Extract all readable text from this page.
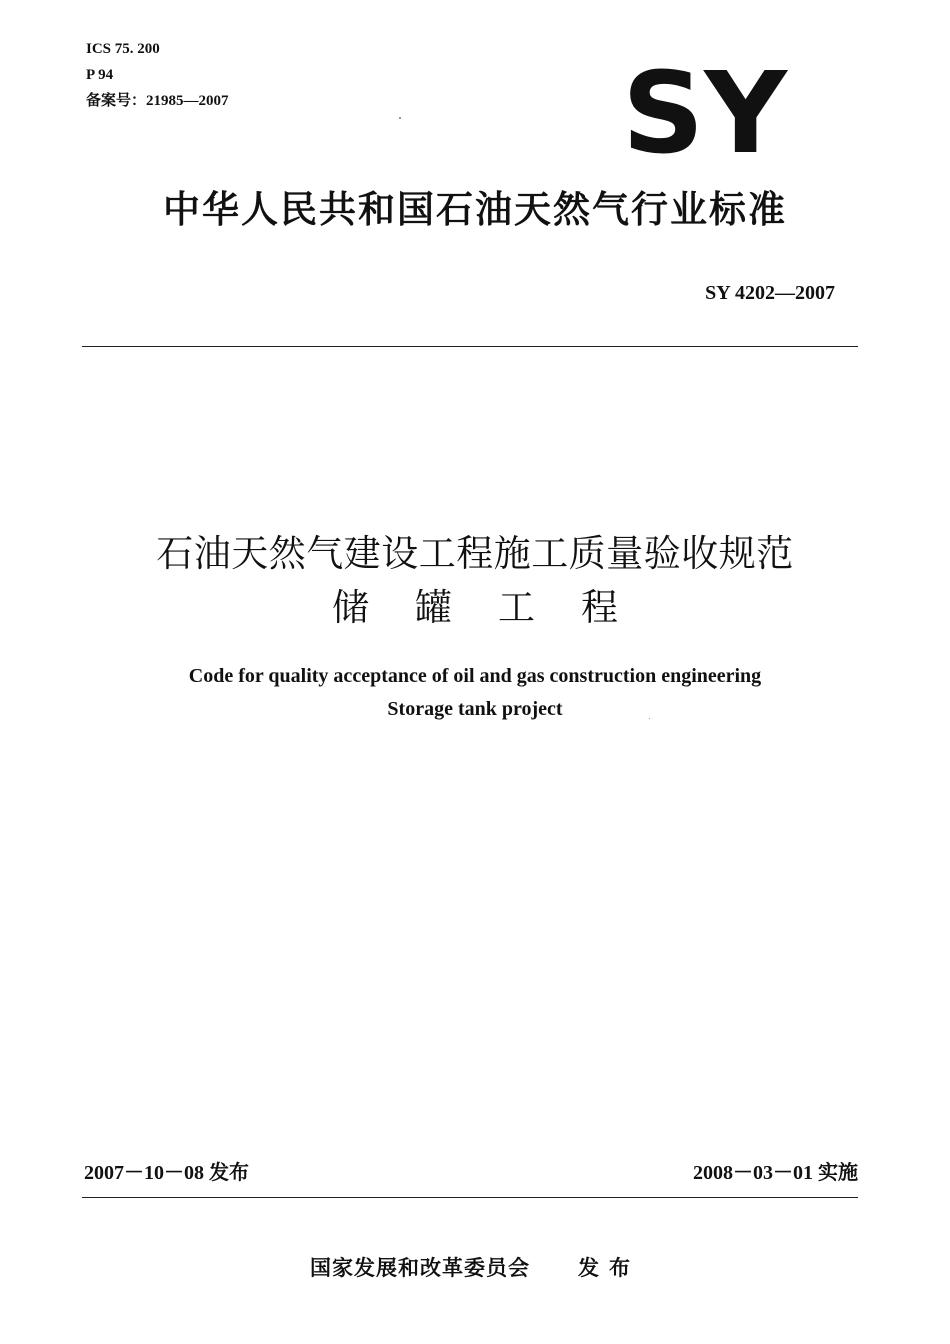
ICS 75. 200
P 94
备案号：21985—2007	SY
中华人民共和国石油天然气行业标准
SY 4202—2007
石油天然气建设工程施工质量验收规范
储罐工程
Code for quality acceptance of oil and gas construction engineering
Storage tank project
2007－10－08 发布	2008－03－01 实施
国家发展和改革委员会 发布
